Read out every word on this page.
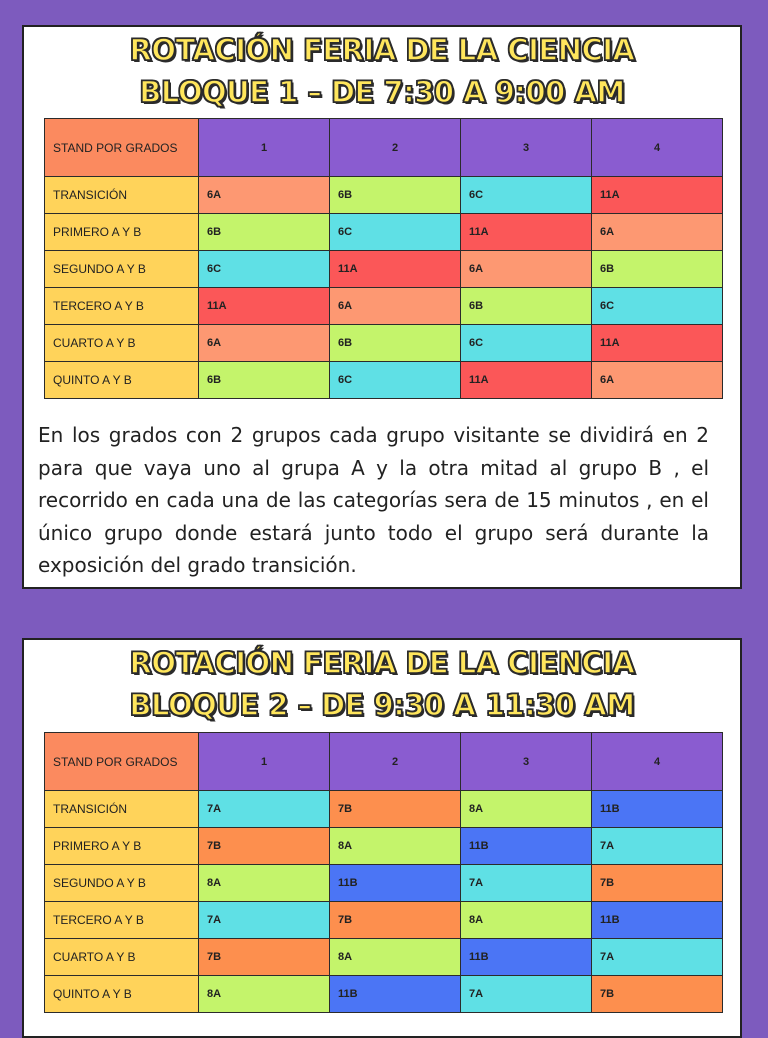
ROTACIÓN FERIA DE LA CIENCIA
BLOQUE 1 – DE 7:30 A 9:00 AM
STAND POR GRADOS	1	2	3	4
TRANSICIÓN	6A	6B	6C	11A
PRIMERO A Y B	6B	6C	11A	6A
SEGUNDO A Y B	6C	11A	6A	6B
TERCERO A Y B	11A	6A	6B	6C
CUARTO A Y B	6A	6B	6C	11A
QUINTO A Y B	6B	6C	11A	6A

En los grados con 2 grupos cada grupo visitante se dividirá en 2 para que vaya uno al grupa A y la otra mitad al grupo B , el recorrido en cada una de las categorías sera de 15 minutos , en el único grupo donde estará junto todo el grupo será durante la exposición del grado transición.

ROTACIÓN FERIA DE LA CIENCIA
BLOQUE 2 – DE 9:30 A 11:30 AM
STAND POR GRADOS	1	2	3	4
TRANSICIÓN	7A	7B	8A	11B
PRIMERO A Y B	7B	8A	11B	7A
SEGUNDO A Y B	8A	11B	7A	7B
TERCERO A Y B	7A	7B	8A	11B
CUARTO A Y B	7B	8A	11B	7A
QUINTO A Y B	8A	11B	7A	7B
